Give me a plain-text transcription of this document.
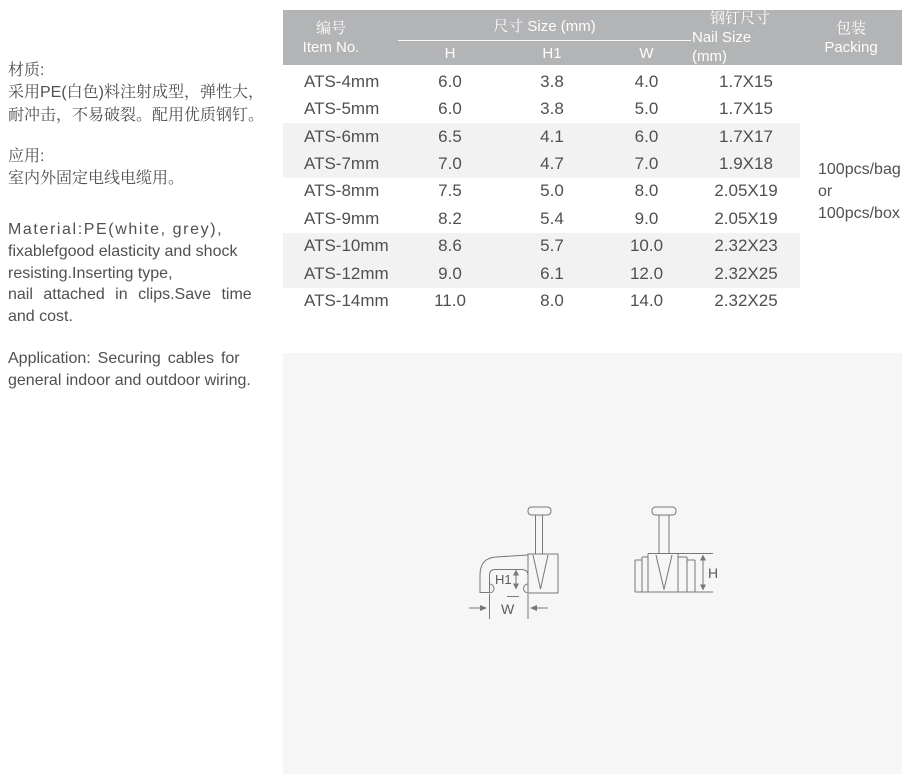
材质:
采用PE(白色)料注射成型，弹性大，
耐冲击，不易破裂。配用优质钢钉。
应用:
室内外固定电线电缆用。
Material:PE(white, grey),
fixablefgood elasticity and shock
resisting.Inserting type,
nail attached in clips.Save time
and cost.
Application: Securing cables for
general indoor and outdoor wiring.
编号
Item No.
尺寸 Size (mm)
H	H1	W
钢钉尺寸
Nail Size (mm)
包装
Packing
ATS-4mm	6.0	3.8	4.0	1.7X15
ATS-5mm	6.0	3.8	5.0	1.7X15
ATS-6mm	6.5	4.1	6.0	1.7X17
ATS-7mm	7.0	4.7	7.0	1.9X18
ATS-8mm	7.5	5.0	8.0	2.05X19
ATS-9mm	8.2	5.4	9.0	2.05X19
ATS-10mm	8.6	5.7	10.0	2.32X23
ATS-12mm	9.0	6.1	12.0	2.32X25
ATS-14mm	11.0	8.0	14.0	2.32X25
100pcs/bag
or
100pcs/box
H1
W
H
